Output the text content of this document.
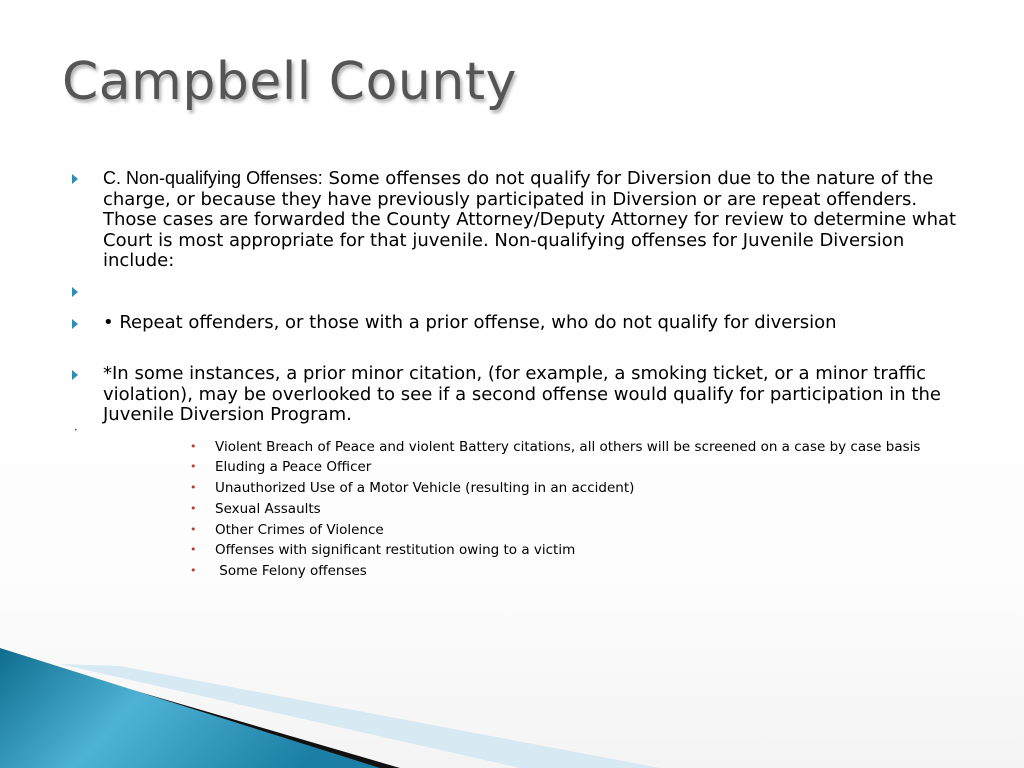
Campbell County
C. Non-qualifying Offenses: Some offenses do not qualify for Diversion due to the nature of the charge, or because they have previously participated in Diversion or are repeat offenders. Those cases are forwarded the County Attorney/Deputy Attorney for review to determine what Court is most appropriate for that juvenile. Non-qualifying offenses for Juvenile Diversion include:
• Repeat offenders, or those with a prior offense, who do not qualify for diversion
*In some instances, a prior minor citation, (for example, a smoking ticket, or a minor traffic violation), may be overlooked to see if a second offense would qualify for participation in the Juvenile Diversion Program.
•
• Violent Breach of Peace and violent Battery citations, all others will be screened on a case by case basis
• Eluding a Peace Officer
• Unauthorized Use of a Motor Vehicle (resulting in an accident)
• Sexual Assaults
• Other Crimes of Violence
• Offenses with significant restitution owing to a victim
• Some Felony offenses
